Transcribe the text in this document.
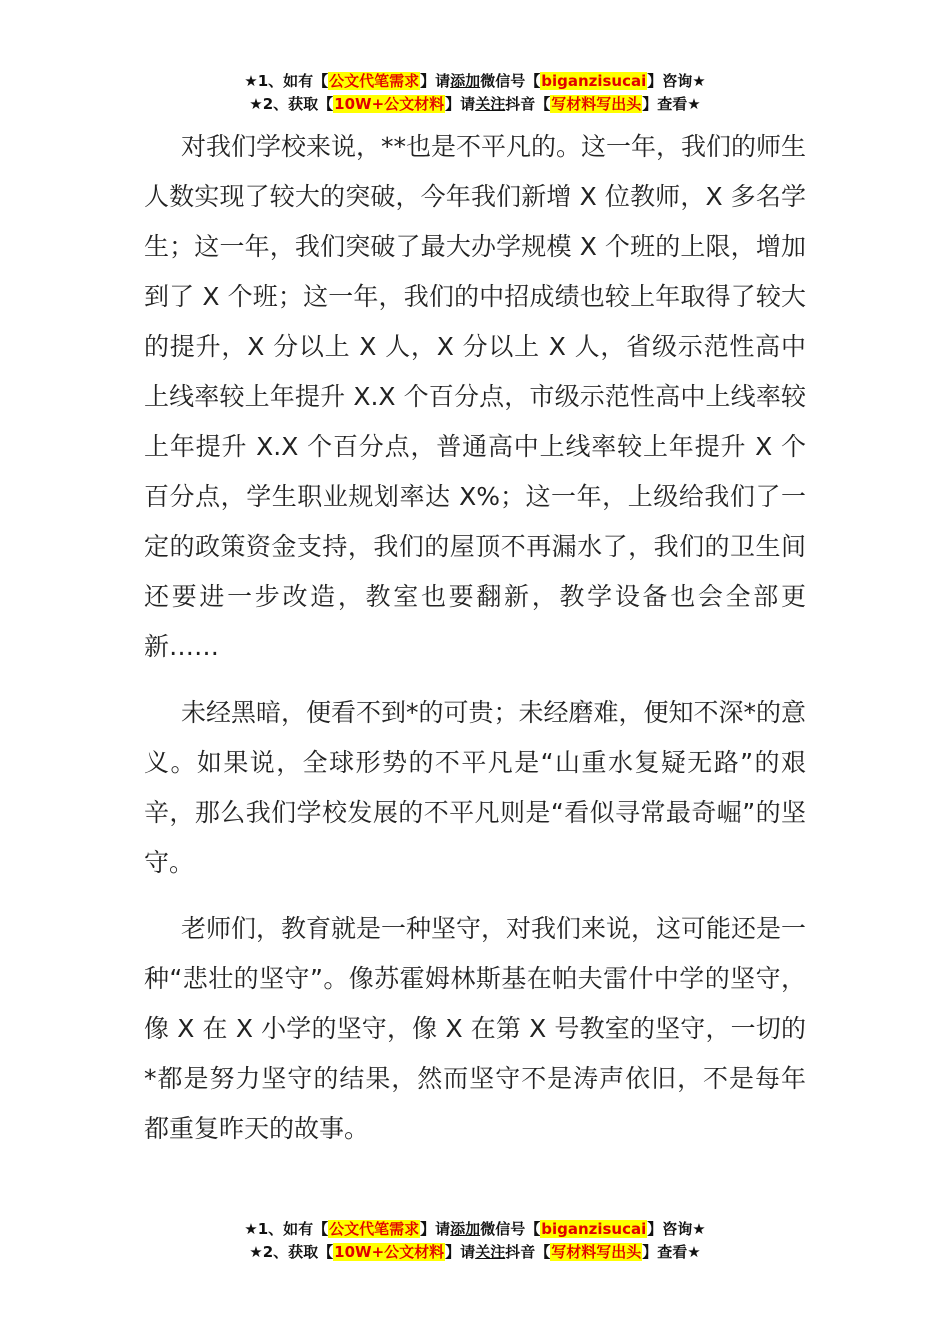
★1、如有【公文代笔需求】请添加微信号【biganzisucai】咨询★
★2、获取【10W+公文材料】请关注抖音【写材料写出头】查看★

对我们学校来说，**也是不平凡的。这一年，我们的师生人数实现了较大的突破，今年我们新增 X 位教师，X 多名学生；这一年，我们突破了最大办学规模 X 个班的上限，增加到了 X 个班；这一年，我们的中招成绩也较上年取得了较大的提升，X 分以上 X 人，X 分以上 X 人，省级示范性高中上线率较上年提升 X.X 个百分点，市级示范性高中上线率较上年提升 X.X 个百分点，普通高中上线率较上年提升 X 个百分点，学生职业规划率达 X%；这一年，上级给我们了一定的政策资金支持，我们的屋顶不再漏水了，我们的卫生间还要进一步改造，教室也要翻新，教学设备也会全部更新……

未经黑暗，便看不到*的可贵；未经磨难，便知不深*的意义。如果说，全球形势的不平凡是“山重水复疑无路”的艰辛，那么我们学校发展的不平凡则是“看似寻常最奇崛”的坚守。

老师们，教育就是一种坚守，对我们来说，这可能还是一种“悲壮的坚守”。像苏霍姆林斯基在帕夫雷什中学的坚守，像 X 在 X 小学的坚守，像 X 在第 X 号教室的坚守，一切的*都是努力坚守的结果，然而坚守不是涛声依旧，不是每年都重复昨天的故事。

★1、如有【公文代笔需求】请添加微信号【biganzisucai】咨询★
★2、获取【10W+公文材料】请关注抖音【写材料写出头】查看★
